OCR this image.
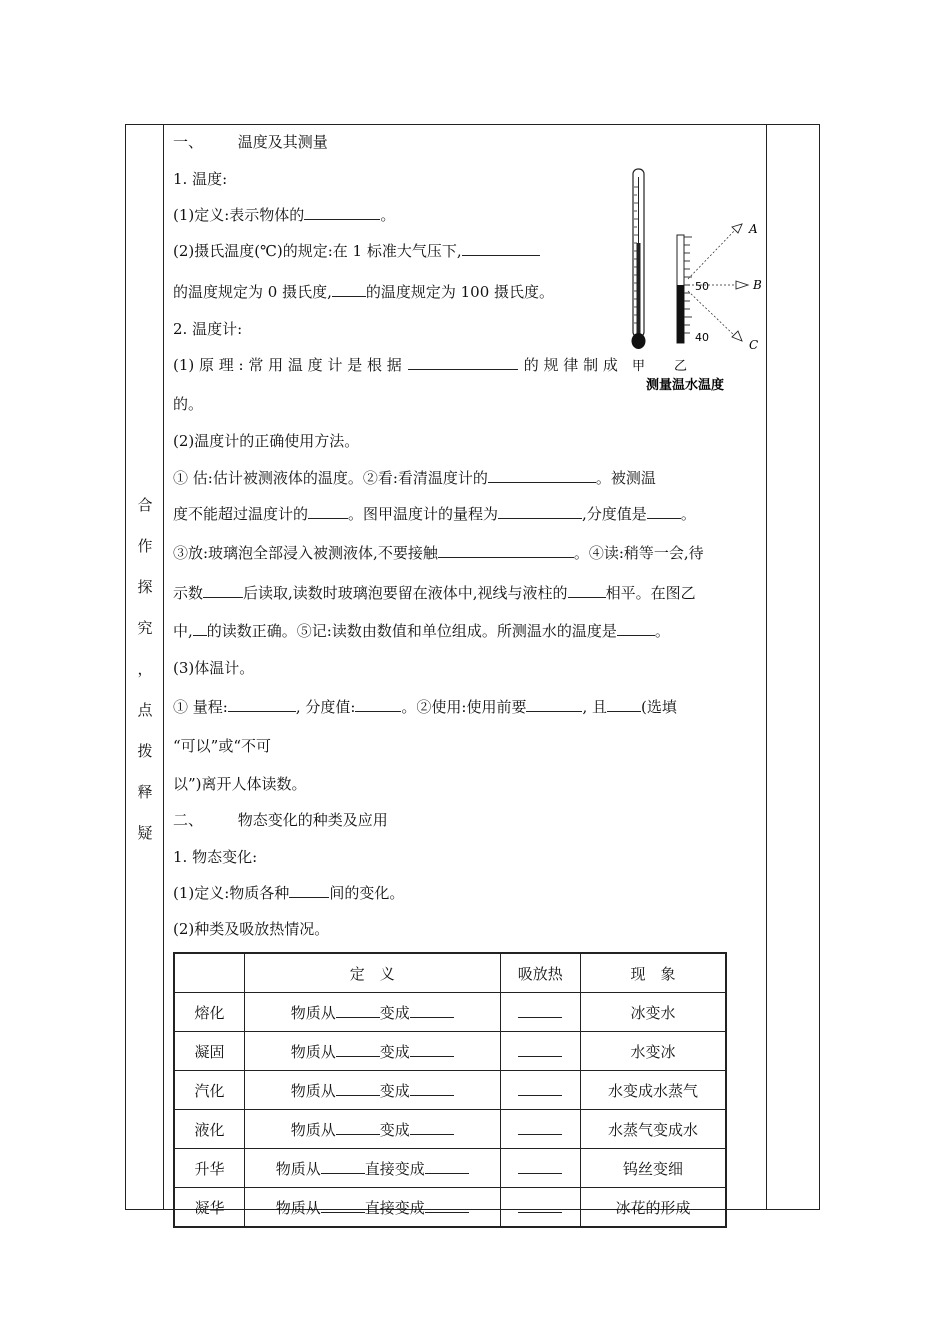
合
作
探
究
，
点
拨
释
疑
一、 　　温度及其测量
1. 温度:
(1)定义:表示物体的	。
(2)摄氏温度(℃)的规定:在 1 标准大气压下,
的温度规定为 0 摄氏度, 的温度规定为 100 摄氏度。
2. 温度计:
(1) 原 理 : 常 用 温 度 计 是 根 据	的 规 律 制 成
的。
(2)温度计的正确使用方法。
① 估:估计被测液体的温度。②看:看清温度计的	。被测温
度不能超过温度计的	。图甲温度计的量程为	,分度值是 。
③放:玻璃泡全部浸入被测液体,不要接触	。④读:稍等一会,待
示数	后读取,读数时玻璃泡要留在液体中,视线与液柱的	相平。在图乙
中, 的读数正确。⑤记:读数由数值和单位组成。所测温水的温度是	。
(3)体温计。
① 量程:	, 分度值:	。②使用:使用前要	, 且 (选填
“可以”或“不可
以”)离开人体读数。
二、 　　物态变化的种类及应用
1. 物态变化:
(1)定义:物质各种	间的变化。
(2)种类及吸放热情况。
甲
50
40
A
B
C
乙
测量温水温度
	定　义	吸放热	现　象
熔化	物质从 变成		冰变水
凝固	物质从 变成		水变冰
汽化	物质从 变成		水变成水蒸气
液化	物质从 变成		水蒸气变成水
升华	物质从 直接变成		钨丝变细
凝华	物质从 直接变成		冰花的形成
